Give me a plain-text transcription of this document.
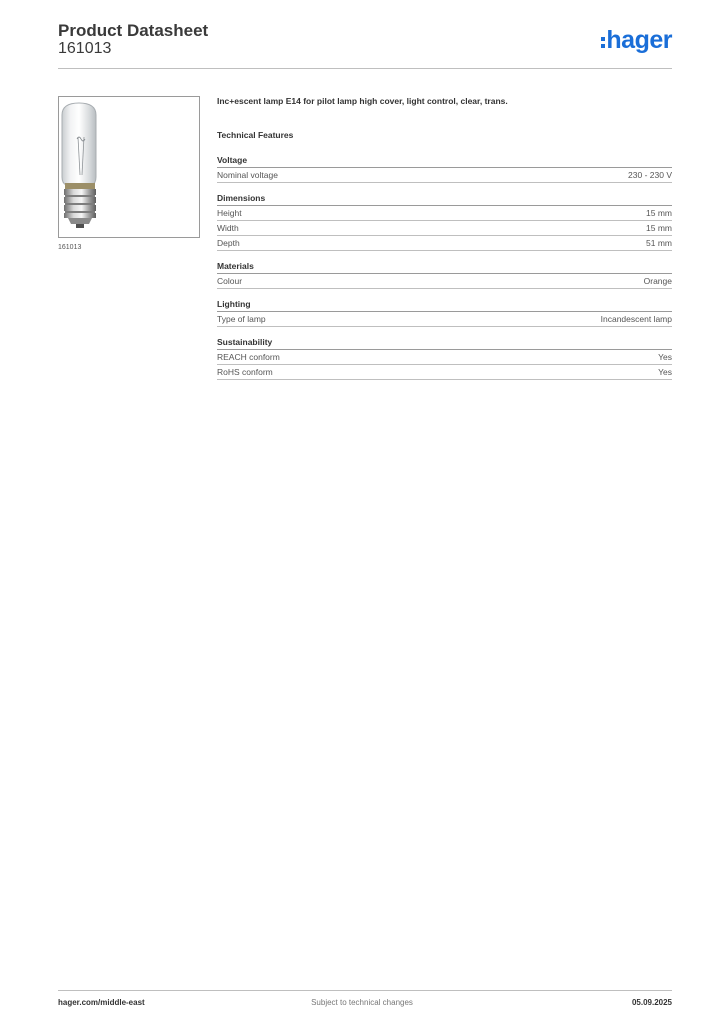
Product Datasheet
161013	hager
161013

Inc+escent lamp E14 for pilot lamp high cover, light control, clear, trans.

Technical Features
Voltage
Nominal voltage	230 - 230 V
Dimensions
Height	15 mm
Width	15 mm
Depth	51 mm
Materials
Colour	Orange
Lighting
Type of lamp	Incandescent lamp
Sustainability
REACH conform	Yes
RoHS conform	Yes
hager.com/middle-east	Subject to technical changes	05.09.2025
